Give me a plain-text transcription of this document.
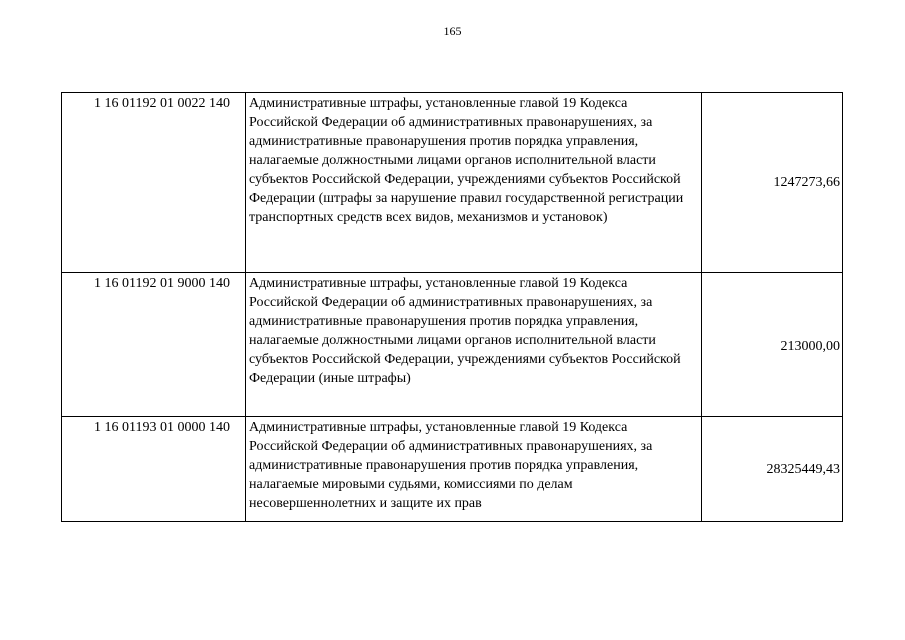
165
1 16 01192 01 0022 140	Административные штрафы, установленные главой 19 Кодекса Российской Федерации об административных правонарушениях, за административные правонарушения против порядка управления, налагаемые должностными лицами органов исполнительной власти субъектов Российской Федерации, учреждениями субъектов Российской Федерации (штрафы за нарушение правил государственной регистрации транспортных средств всех видов, механизмов и установок)	1247273,66
1 16 01192 01 9000 140	Административные штрафы, установленные главой 19 Кодекса Российской Федерации об административных правонарушениях, за административные правонарушения против порядка управления, налагаемые должностными лицами органов исполнительной власти субъектов Российской Федерации, учреждениями субъектов Российской Федерации (иные штрафы)	213000,00
1 16 01193 01 0000 140	Административные штрафы, установленные главой 19 Кодекса Российской Федерации об административных правонарушениях, за административные правонарушения против порядка управления, налагаемые мировыми судьями, комиссиями по делам несовершеннолетних и защите их прав	28325449,43
